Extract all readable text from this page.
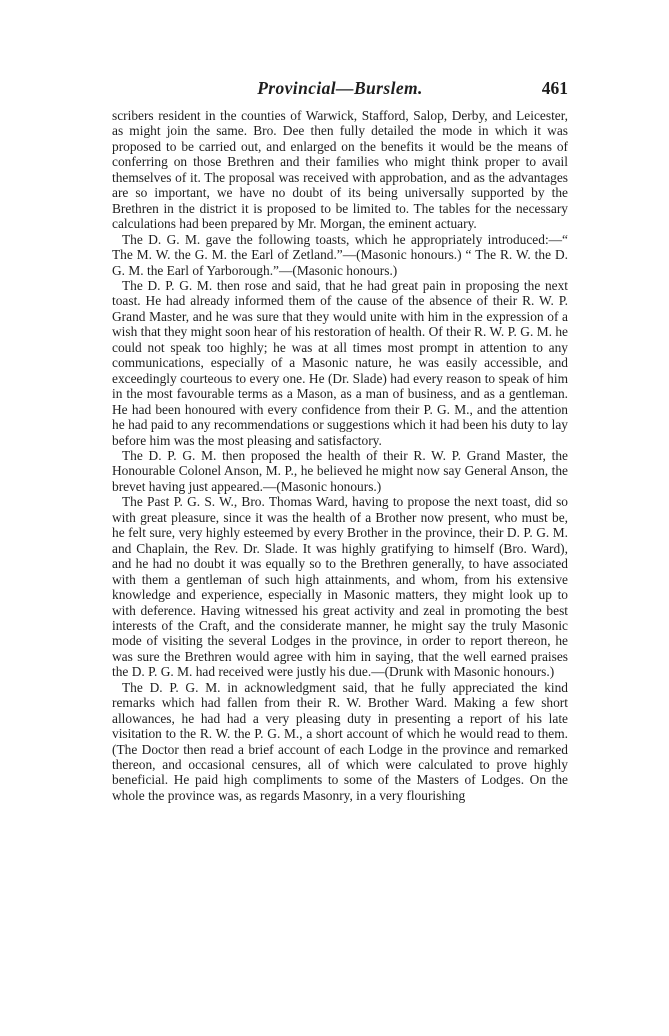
Provincial—Burslem.	461

scribers resident in the counties of Warwick, Stafford, Salop, Derby, and Leicester, as might join the same. Bro. Dee then fully detailed the mode in which it was proposed to be carried out, and enlarged on the benefits it would be the means of conferring on those Brethren and their families who might think proper to avail themselves of it. The proposal was received with approbation, and as the advantages are so important, we have no doubt of its being universally supported by the Brethren in the district it is proposed to be limited to. The tables for the necessary calculations had been prepared by Mr. Morgan, the eminent actuary.

The D. G. M. gave the following toasts, which he appropriately introduced:—“ The M. W. the G. M. the Earl of Zetland.”—(Masonic honours.) “ The R. W. the D. G. M. the Earl of Yarborough.”—(Masonic honours.)

The D. P. G. M. then rose and said, that he had great pain in proposing the next toast. He had already informed them of the cause of the absence of their R. W. P. Grand Master, and he was sure that they would unite with him in the expression of a wish that they might soon hear of his restoration of health. Of their R. W. P. G. M. he could not speak too highly; he was at all times most prompt in attention to any communications, especially of a Masonic nature, he was easily accessible, and exceedingly courteous to every one. He (Dr. Slade) had every reason to speak of him in the most favourable terms as a Mason, as a man of business, and as a gentleman. He had been honoured with every confidence from their P. G. M., and the attention he had paid to any recommendations or suggestions which it had been his duty to lay before him was the most pleasing and satisfactory.

The D. P. G. M. then proposed the health of their R. W. P. Grand Master, the Honourable Colonel Anson, M. P., he believed he might now say General Anson, the brevet having just appeared.—(Masonic honours.)

The Past P. G. S. W., Bro. Thomas Ward, having to propose the next toast, did so with great pleasure, since it was the health of a Brother now present, who must be, he felt sure, very highly esteemed by every Brother in the province, their D. P. G. M. and Chaplain, the Rev. Dr. Slade. It was highly gratifying to himself (Bro. Ward), and he had no doubt it was equally so to the Brethren generally, to have associated with them a gentleman of such high attainments, and whom, from his extensive knowledge and experience, especially in Masonic matters, they might look up to with deference. Having witnessed his great activity and zeal in promoting the best interests of the Craft, and the considerate manner, he might say the truly Masonic mode of visiting the several Lodges in the province, in order to report thereon, he was sure the Brethren would agree with him in saying, that the well earned praises the D. P. G. M. had received were justly his due.—(Drunk with Masonic honours.)

The D. P. G. M. in acknowledgment said, that he fully appreciated the kind remarks which had fallen from their R. W. Brother Ward. Making a few short allowances, he had had a very pleasing duty in presenting a report of his late visitation to the R. W. the P. G. M., a short account of which he would read to them. (The Doctor then read a brief account of each Lodge in the province and remarked thereon, and occasional censures, all of which were calculated to prove highly beneficial. He paid high compliments to some of the Masters of Lodges. On the whole the province was, as regards Masonry, in a very flourishing
